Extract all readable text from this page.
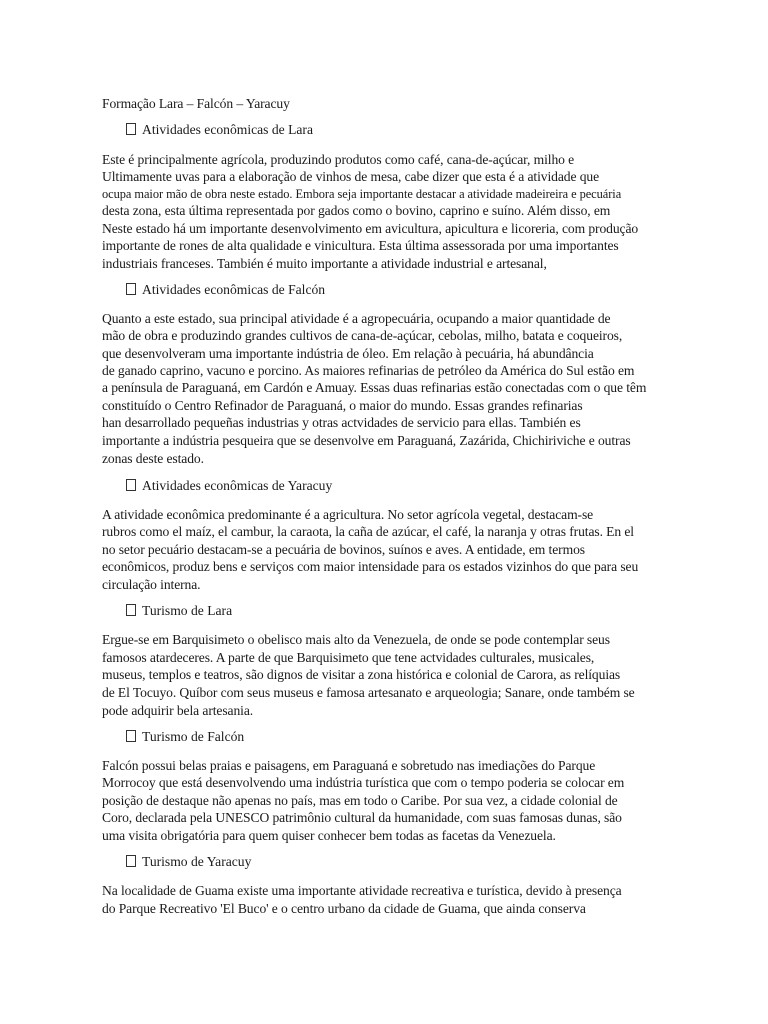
Formação Lara – Falcón – Yaracuy
Atividades econômicas de Lara
Este é principalmente agrícola, produzindo produtos como café, cana-de-açúcar, milho e
Ultimamente uvas para a elaboração de vinhos de mesa, cabe dizer que esta é a atividade que
ocupa maior mão de obra neste estado. Embora seja importante destacar a atividade madeireira e pecuária
desta zona, esta última representada por gados como o bovino, caprino e suíno. Além disso, em
Neste estado há um importante desenvolvimento em avicultura, apicultura e licoreria, com produção
importante de rones de alta qualidade e vinicultura. Esta última assessorada por uma importantes
industriais franceses. También é muito importante a atividade industrial e artesanal,
Atividades econômicas de Falcón
Quanto a este estado, sua principal atividade é a agropecuária, ocupando a maior quantidade de
mão de obra e produzindo grandes cultivos de cana-de-açúcar, cebolas, milho, batata e coqueiros,
que desenvolveram uma importante indústria de óleo. Em relação à pecuária, há abundância
de ganado caprino, vacuno e porcino. As maiores refinarias de petróleo da América do Sul estão em
a península de Paraguaná, em Cardón e Amuay. Essas duas refinarias estão conectadas com o que têm
constituído o Centro Refinador de Paraguaná, o maior do mundo. Essas grandes refinarias
han desarrollado pequeñas industrias y otras actvidades de servicio para ellas. También es
importante a indústria pesqueira que se desenvolve em Paraguaná, Zazárida, Chichiriviche e outras
zonas deste estado.
Atividades econômicas de Yaracuy
A atividade econômica predominante é a agricultura. No setor agrícola vegetal, destacam-se
rubros como el maíz, el cambur, la caraota, la caña de azúcar, el café, la naranja y otras frutas. En el
no setor pecuário destacam-se a pecuária de bovinos, suínos e aves. A entidade, em termos
econômicos, produz bens e serviços com maior intensidade para os estados vizinhos do que para seu
circulação interna.
Turismo de Lara
Ergue-se em Barquisimeto o obelisco mais alto da Venezuela, de onde se pode contemplar seus
famosos atardeceres. A parte de que Barquisimeto que tene actvidades culturales, musicales,
museus, templos e teatros, são dignos de visitar a zona histórica e colonial de Carora, as relíquias
de El Tocuyo. Quíbor com seus museus e famosa artesanato e arqueologia; Sanare, onde também se
pode adquirir bela artesania.
Turismo de Falcón
Falcón possui belas praias e paisagens, em Paraguaná e sobretudo nas imediações do Parque
Morrocoy que está desenvolvendo uma indústria turística que com o tempo poderia se colocar em
posição de destaque não apenas no país, mas em todo o Caribe. Por sua vez, a cidade colonial de
Coro, declarada pela UNESCO patrimônio cultural da humanidade, com suas famosas dunas, são
uma visita obrigatória para quem quiser conhecer bem todas as facetas da Venezuela.
Turismo de Yaracuy
Na localidade de Guama existe uma importante atividade recreativa e turística, devido à presença
do Parque Recreativo 'El Buco' e o centro urbano da cidade de Guama, que ainda conserva
